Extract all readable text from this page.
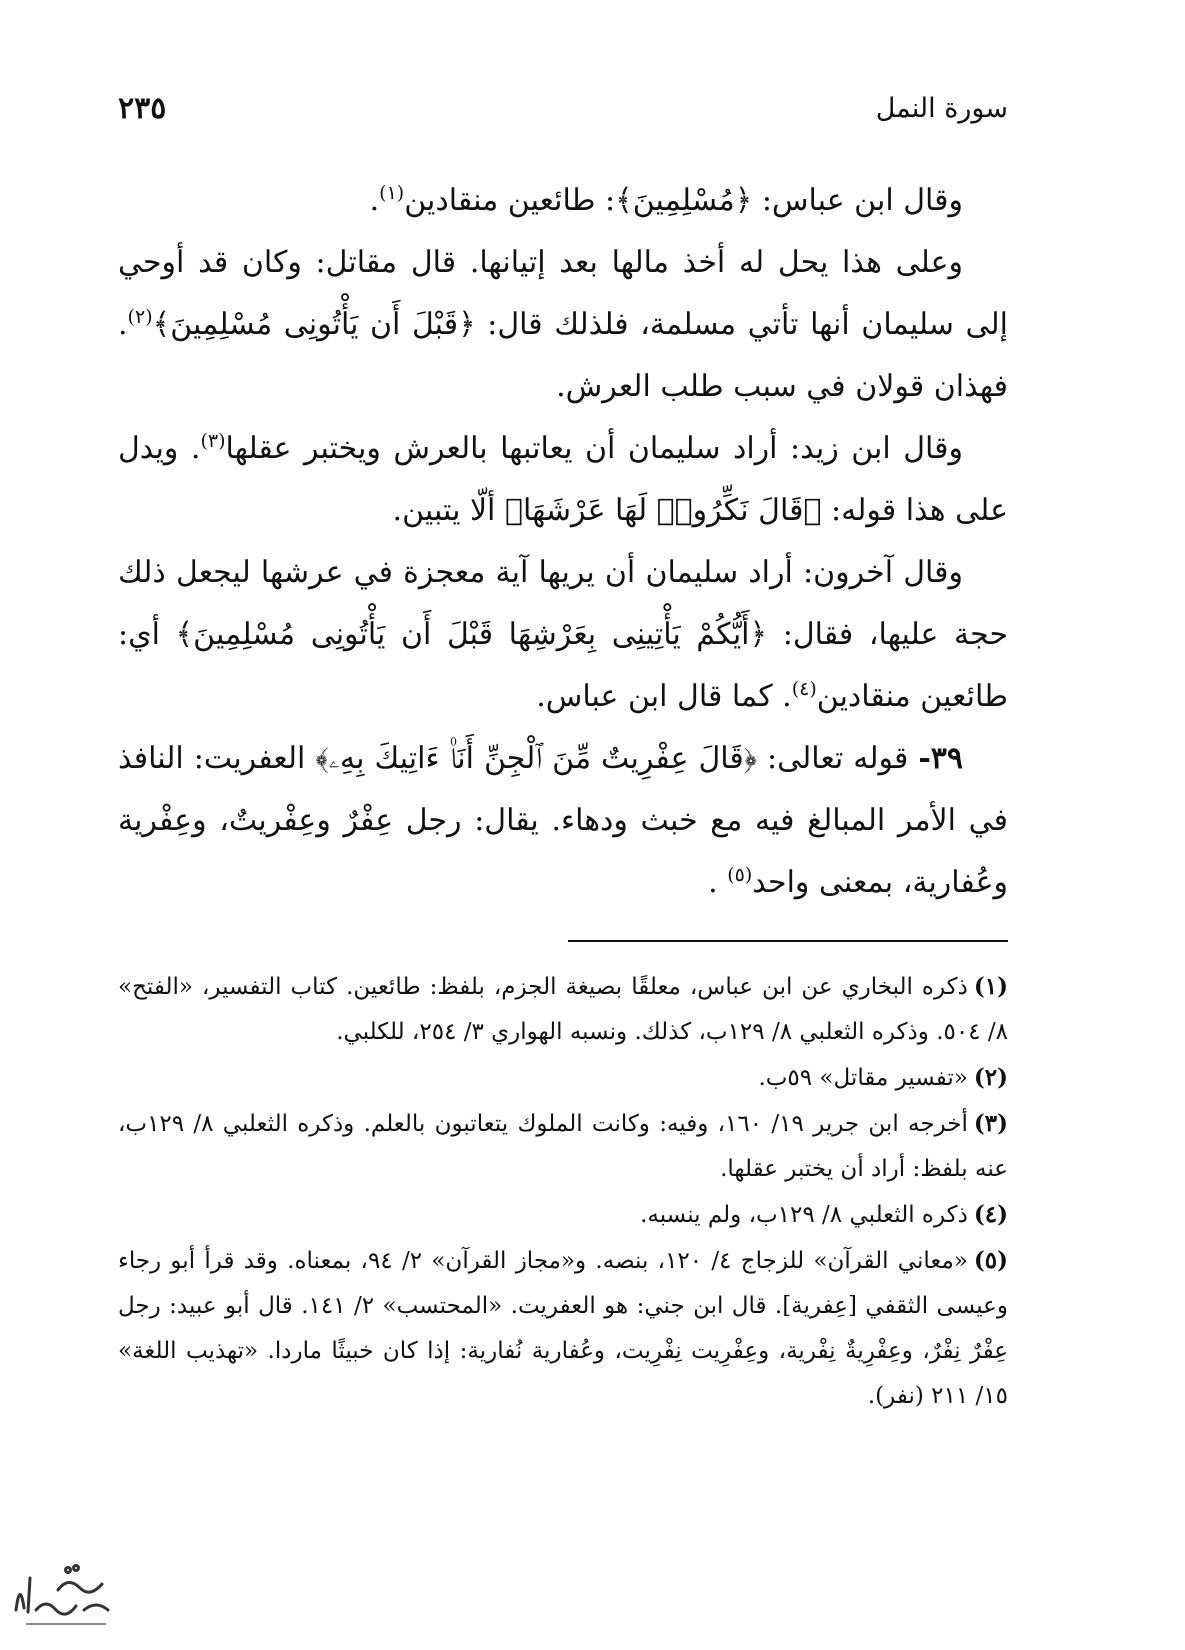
سورة النمل
٢٣٥

وقال ابن عباس: ﴿مُسْلِمِينَ﴾: طائعين منقادين$^{(١)}$.

وعلى هذا يحل له أخذ مالها بعد إتيانها. قال مقاتل: وكان قد أوحي إلى سليمان أنها تأتي مسلمة، فلذلك قال: ﴿قَبْلَ أَن يَأْتُونِى مُسْلِمِينَ﴾$^{(٢)}$. فهذان قولان في سبب طلب العرش.

وقال ابن زيد: أراد سليمان أن يعاتبها بالعرش ويختبر عقلها$^{(٣)}$. ويدل على هذا قوله: ﴿قَالَ نَكِّرُوا۟ لَهَا عَرْشَهَا﴾ ألّا يتبين.

وقال آخرون: أراد سليمان أن يريها آية معجزة في عرشها ليجعل ذلك حجة عليها، فقال: ﴿أَيُّكُمْ يَأْتِينِى بِعَرْشِهَا قَبْلَ أَن يَأْتُونِى مُسْلِمِينَ﴾ أي: طائعين منقادين$^{(٤)}$. كما قال ابن عباس.

٣٩- قوله تعالى: ﴿قَالَ عِفْرِيتٌ مِّنَ ٱلْجِنِّ أَنَا۠ ءَاتِيكَ بِهِۦ﴾ العفريت: النافذ في الأمر المبالغ فيه مع خبث ودهاء. يقال: رجل عِفْرٌ وعِفْريتٌ، وعِفْرية وعُفارية، بمعنى واحد$^{(٥)}$ .

(١)ذكره البخاري عن ابن عباس، معلقًا بصيغة الجزم، بلفظ: طائعين. كتاب التفسير، «الفتح» ٨/ ٥٠٤. وذكره الثعلبي ٨/ ١٢٩ب، كذلك. ونسبه الهواري ٣/ ٢٥٤، للكلبي.

(٢)«تفسير مقاتل» ٥٩ب.

(٣)أخرجه ابن جرير ١٩/ ١٦٠، وفيه: وكانت الملوك يتعاتبون بالعلم. وذكره الثعلبي ٨/ ١٢٩ب، عنه بلفظ: أراد أن يختبر عقلها.

(٤)ذكره الثعلبي ٨/ ١٢٩ب، ولم ينسبه.

(٥)«معاني القرآن» للزجاج ٤/ ١٢٠، بنصه. و«مجاز القرآن» ٢/ ٩٤، بمعناه. وقد قرأ أبو رجاء وعيسى الثقفي [عِفرية]. قال ابن جني: هو العفريت. «المحتسب» ٢/ ١٤١. قال أبو عبيد: رجل عِفْرٌ نِفْرٌ، وعِفْرِيةٌ نِفْرية، وعِفْرِيت نِفْرِيت، وعُفارية نُفارية: إذا كان خبيثًا ماردا. «تهذيب اللغة» ١٥/ ٢١١ (نفر).
